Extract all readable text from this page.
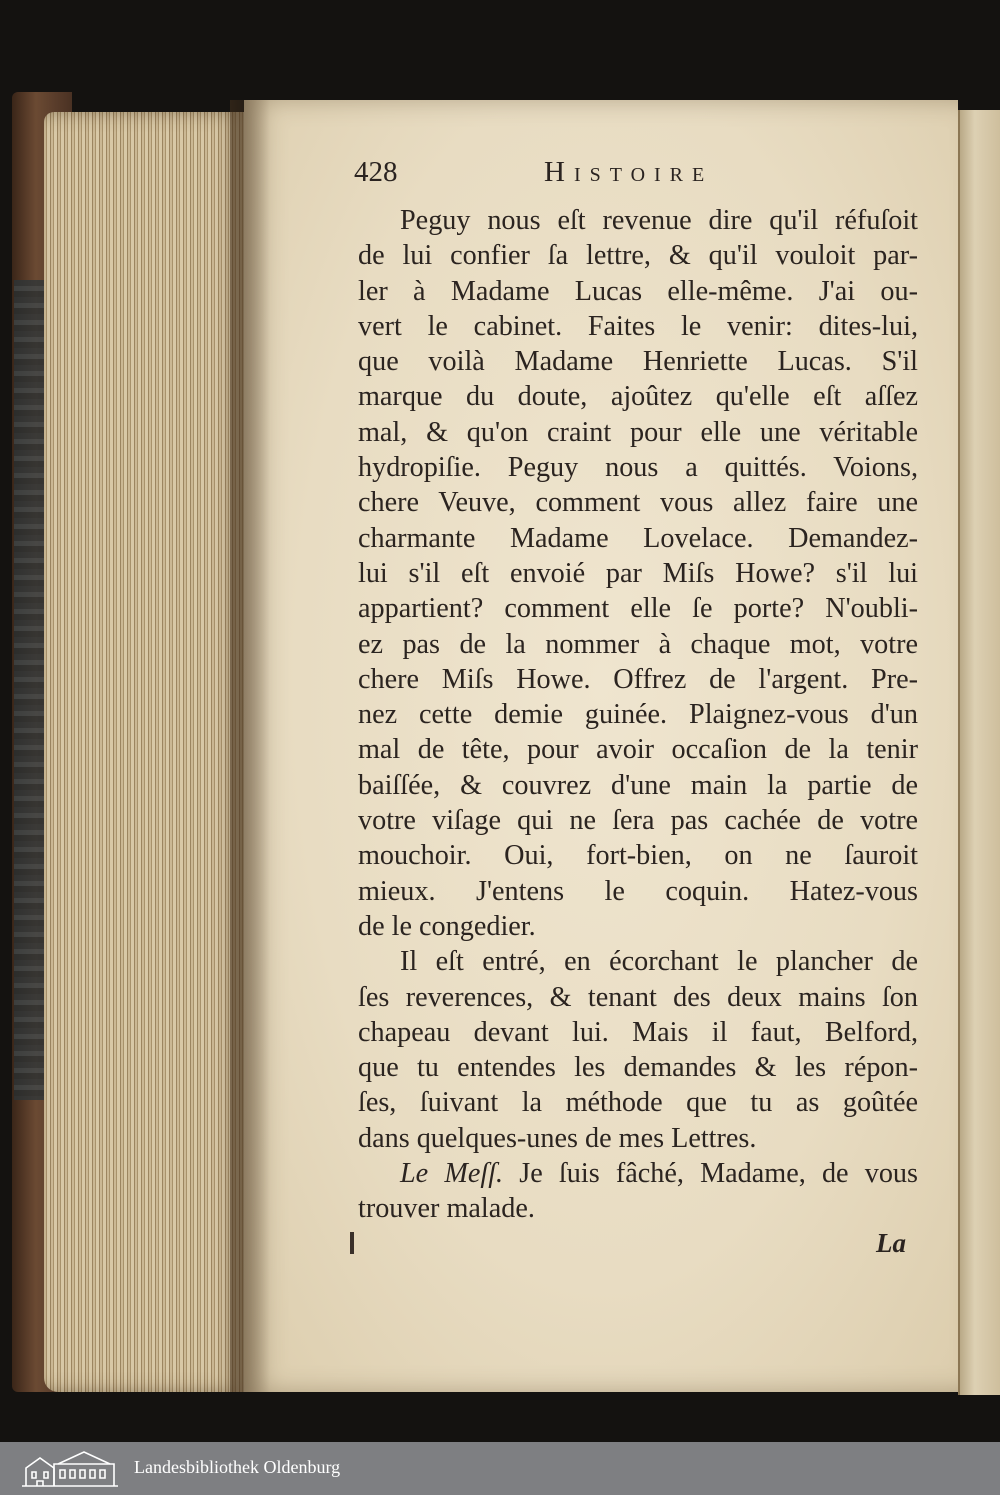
428	Histoire
Peguy nous eſt revenue dire qu'il réfuſoit
de lui confier ſa lettre, & qu'il vouloit par-
ler à Madame Lucas elle-même. J'ai ou-
vert le cabinet. Faites le venir: dites-lui,
que voilà Madame Henriette Lucas. S'il
marque du doute, ajoûtez qu'elle eſt aſſez
mal, & qu'on craint pour elle une véritable
hydropiſie. Peguy nous a quittés. Voions,
chere Veuve, comment vous allez faire une
charmante Madame Lovelace. Demandez-
lui s'il eſt envoié par Miſs Howe? s'il lui
appartient? comment elle ſe porte? N'oubli-
ez pas de la nommer à chaque mot, votre
chere Miſs Howe. Offrez de l'argent. Pre-
nez cette demie guinée. Plaignez-vous d'un
mal de tête, pour avoir occaſion de la tenir
baiſſée, & couvrez d'une main la partie de
votre viſage qui ne ſera pas cachée de votre
mouchoir. Oui, fort-bien, on ne ſauroit
mieux. J'entens le coquin. Hatez-vous
de le congedier.
Il eſt entré, en écorchant le plancher de
ſes reverences, & tenant des deux mains ſon
chapeau devant lui. Mais il faut, Belford,
que tu entendes les demandes & les répon-
ſes, ſuivant la méthode que tu as goûtée
dans quelques-unes de mes Lettres.
Le Meſſ. Je ſuis fâché, Madame, de vous
trouver malade.
La
Landesbibliothek Oldenburg
